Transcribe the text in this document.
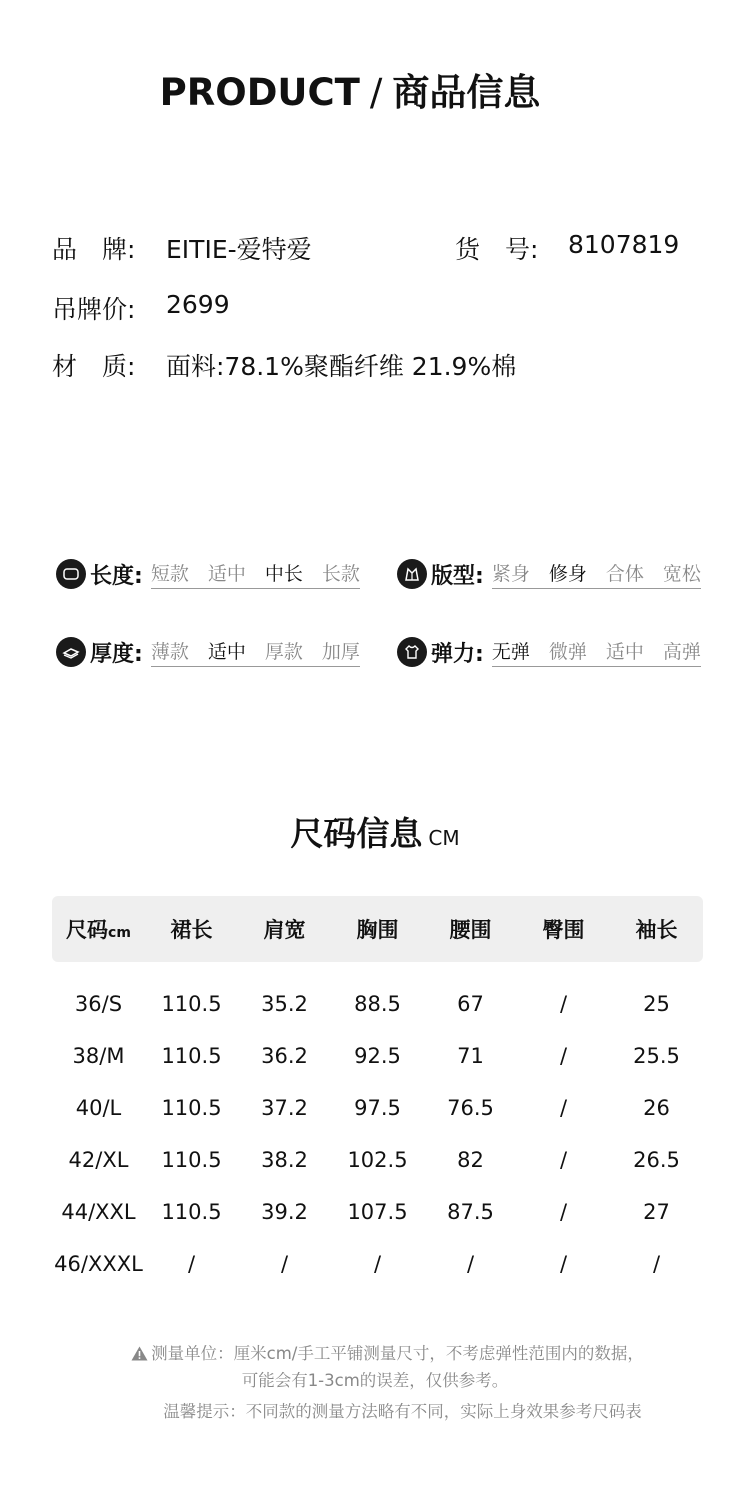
PRODUCT / 商品信息
品　牌: EITIE-爱特爱	货　号: 8107819
吊牌价: 2699
材　质: 面料:78.1%聚酯纤维 21.9%棉
长度: 短款 适中 中长 长款	版型: 紧身 修身 合体 宽松
厚度: 薄款 适中 厚款 加厚	弹力: 无弹 微弹 适中 高弹
尺码信息 CM
尺码cm	裙长	肩宽	胸围	腰围	臀围	袖长
36/S	110.5	35.2	88.5	67	/	25
38/M	110.5	36.2	92.5	71	/	25.5
40/L	110.5	37.2	97.5	76.5	/	26
42/XL	110.5	38.2	102.5	82	/	26.5
44/XXL	110.5	39.2	107.5	87.5	/	27
46/XXXL	/	/	/	/	/	/
测量单位：厘米cm/手工平铺测量尺寸，不考虑弹性范围内的数据，
可能会有1-3cm的误差，仅供参考。
温馨提示：不同款的测量方法略有不同，实际上身效果参考尺码表
